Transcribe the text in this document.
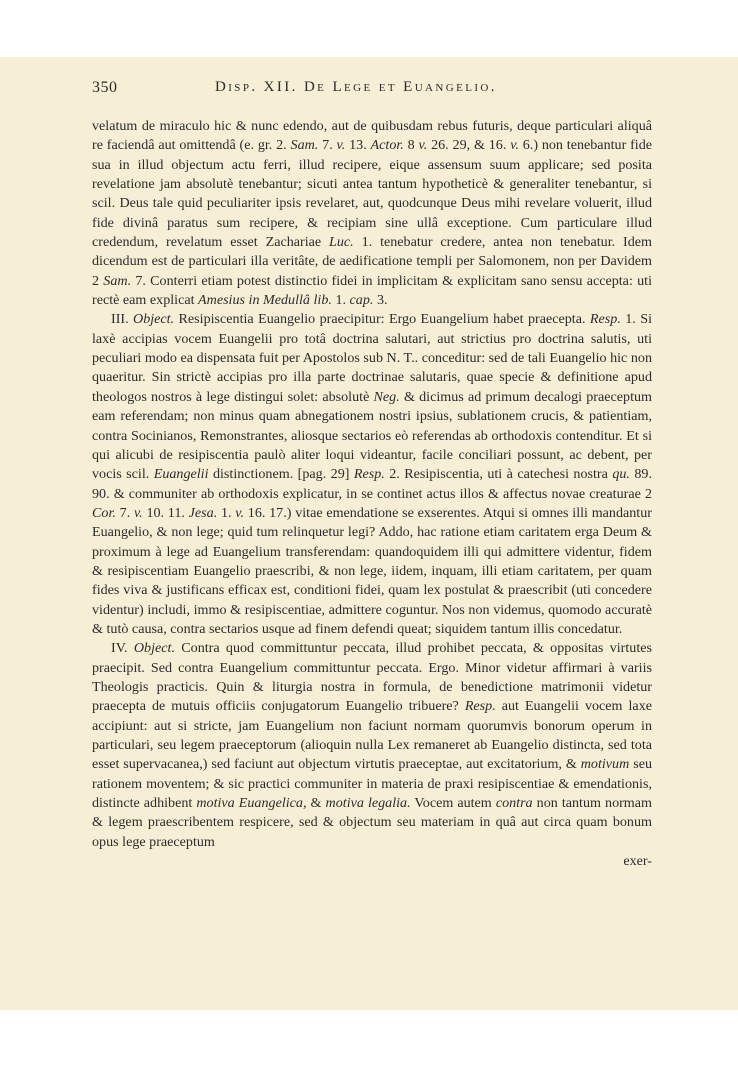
350	Disp. XII. De Lege et Euangelio.

velatum de miraculo hic & nunc edendo, aut de quibusdam rebus futuris, deque particulari aliquâ re faciendâ aut omittendâ (e. gr. 2. Sam. 7. v. 13. Actor. 8 v. 26. 29, & 16. v. 6.) non tenebantur fide sua in illud objectum actu ferri, illud recipere, eique assensum suum applicare; sed posita revelatione jam absolutè tenebantur; sicuti antea tantum hypotheticè & generaliter tenebantur, si scil. Deus tale quid peculiariter ipsis revelaret, aut, quodcunque Deus mihi revelare voluerit, illud fide divinâ paratus sum recipere, & recipiam sine ullâ exceptione. Cum particulare illud credendum, revelatum esset Zachariae Luc. 1. tenebatur credere, antea non tenebatur. Idem dicendum est de particulari illa veritâte, de aedificatione templi per Salomonem, non per Davidem 2 Sam. 7. Conterri etiam potest distinctio fidei in implicitam & explicitam sano sensu accepta: uti rectè eam explicat Amesius in Medullâ lib. 1. cap. 3.

III. Object. Resipiscentia Euangelio praecipitur: Ergo Euangelium habet praecepta. Resp. 1. Si laxè accipias vocem Euangelii pro totâ doctrina salutari, aut strictius pro doctrina salutis, uti peculiari modo ea dispensata fuit per Apostolos sub N. T.. conceditur: sed de tali Euangelio hic non quaeritur. Sin strictè accipias pro illa parte doctrinae salutaris, quae specie & definitione apud theologos nostros à lege distingui solet: absolutè Neg. & dicimus ad primum decalogi praeceptum eam referendam; non minus quam abnegationem nostri ipsius, sublationem crucis, & patientiam, contra Socinianos, Remonstrantes, aliosque sectarios eò referendas ab orthodoxis contenditur. Et si qui alicubi de resipiscentia paulò aliter loqui videantur, facile conciliari possunt, ac debent, per vocis scil. Euangelii distinctionem. [pag. 29] Resp. 2. Resipiscentia, uti à catechesi nostra qu. 89. 90. & communiter ab orthodoxis explicatur, in se continet actus illos & affectus novae creaturae 2 Cor. 7. v. 10. 11. Jesa. 1. v. 16. 17.) vitae emendatione se exserentes. Atqui si omnes illi mandantur Euangelio, & non lege; quid tum relinquetur legi? Addo, hac ratione etiam caritatem erga Deum & proximum à lege ad Euangelium transferendam: quandoquidem illi qui admittere videntur, fidem & resipiscentiam Euangelio praescribi, & non lege, iidem, inquam, illi etiam caritatem, per quam fides viva & justificans efficax est, conditioni fidei, quam lex postulat & praescribit (uti concedere videntur) includi, immo & resipiscentiae, admittere coguntur. Nos non videmus, quomodo accuratè & tutò causa, contra sectarios usque ad finem defendi queat; siquidem tantum illis concedatur.

IV. Object. Contra quod committuntur peccata, illud prohibet peccata, & oppositas virtutes praecipit. Sed contra Euangelium committuntur peccata. Ergo. Minor videtur affirmari à variis Theologis practicis. Quin & liturgia nostra in formula, de benedictione matrimonii videtur praecepta de mutuis officiis conjugatorum Euangelio tribuere? Resp. aut Euangelii vocem laxe accipiunt: aut si stricte, jam Euangelium non faciunt normam quorumvis bonorum operum in particulari, seu legem praeceptorum (alioquin nulla Lex remaneret ab Euangelio distincta, sed tota esset supervacanea,) sed faciunt aut objectum virtutis praeceptae, aut excitatorium, & motivum seu rationem moventem; & sic practici communiter in materia de praxi resipiscentiae & emendationis, distincte adhibent motiva Euangelica, & motiva legalia. Vocem autem contra non tantum normam & legem praescribentem respicere, sed & objectum seu materiam in quâ aut circa quam bonum opus lege praeceptum

exer-
